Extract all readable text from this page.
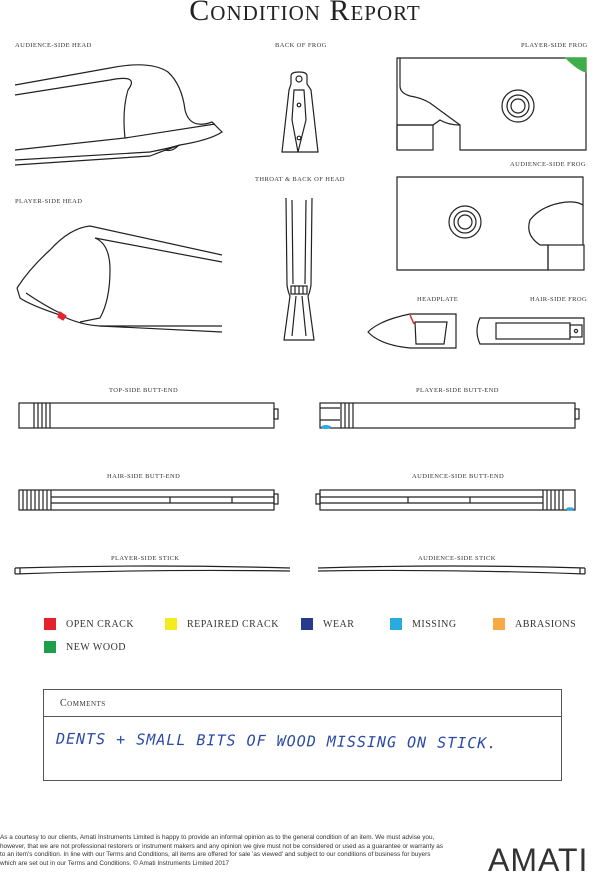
Condition Report
AUDIENCE-SIDE HEAD	BACK OF FROG	PLAYER-SIDE FROG
AUDIENCE-SIDE FROG
THROAT & BACK OF HEAD
PLAYER-SIDE HEAD
HEADPLATE	HAIR-SIDE FROG
TOP-SIDE BUTT-END	PLAYER-SIDE BUTT-END
HAIR-SIDE BUTT-END	AUDIENCE-SIDE BUTT-END
PLAYER-SIDE STICK	AUDIENCE-SIDE STICK
OPEN CRACK	REPAIRED CRACK	WEAR	MISSING	ABRASIONS
NEW WOOD
Comments
DENTS + SMALL BITS OF WOOD MISSING ON STICK.
As a courtesy to our clients, Amati Instruments Limited is happy to provide an informal opinion as to the general condition of an item. We must advise you, however, that we are not professional restorers or instrument makers and any opinion we give must not be considered or used as a guarantee or warranty as to an item's condition. In line with our Terms and Conditions, all items are offered for sale 'as viewed' and subject to our conditions of business for buyers which are set out in our Terms and Conditions. © Amati Instruments Limited 2017	AMATI
